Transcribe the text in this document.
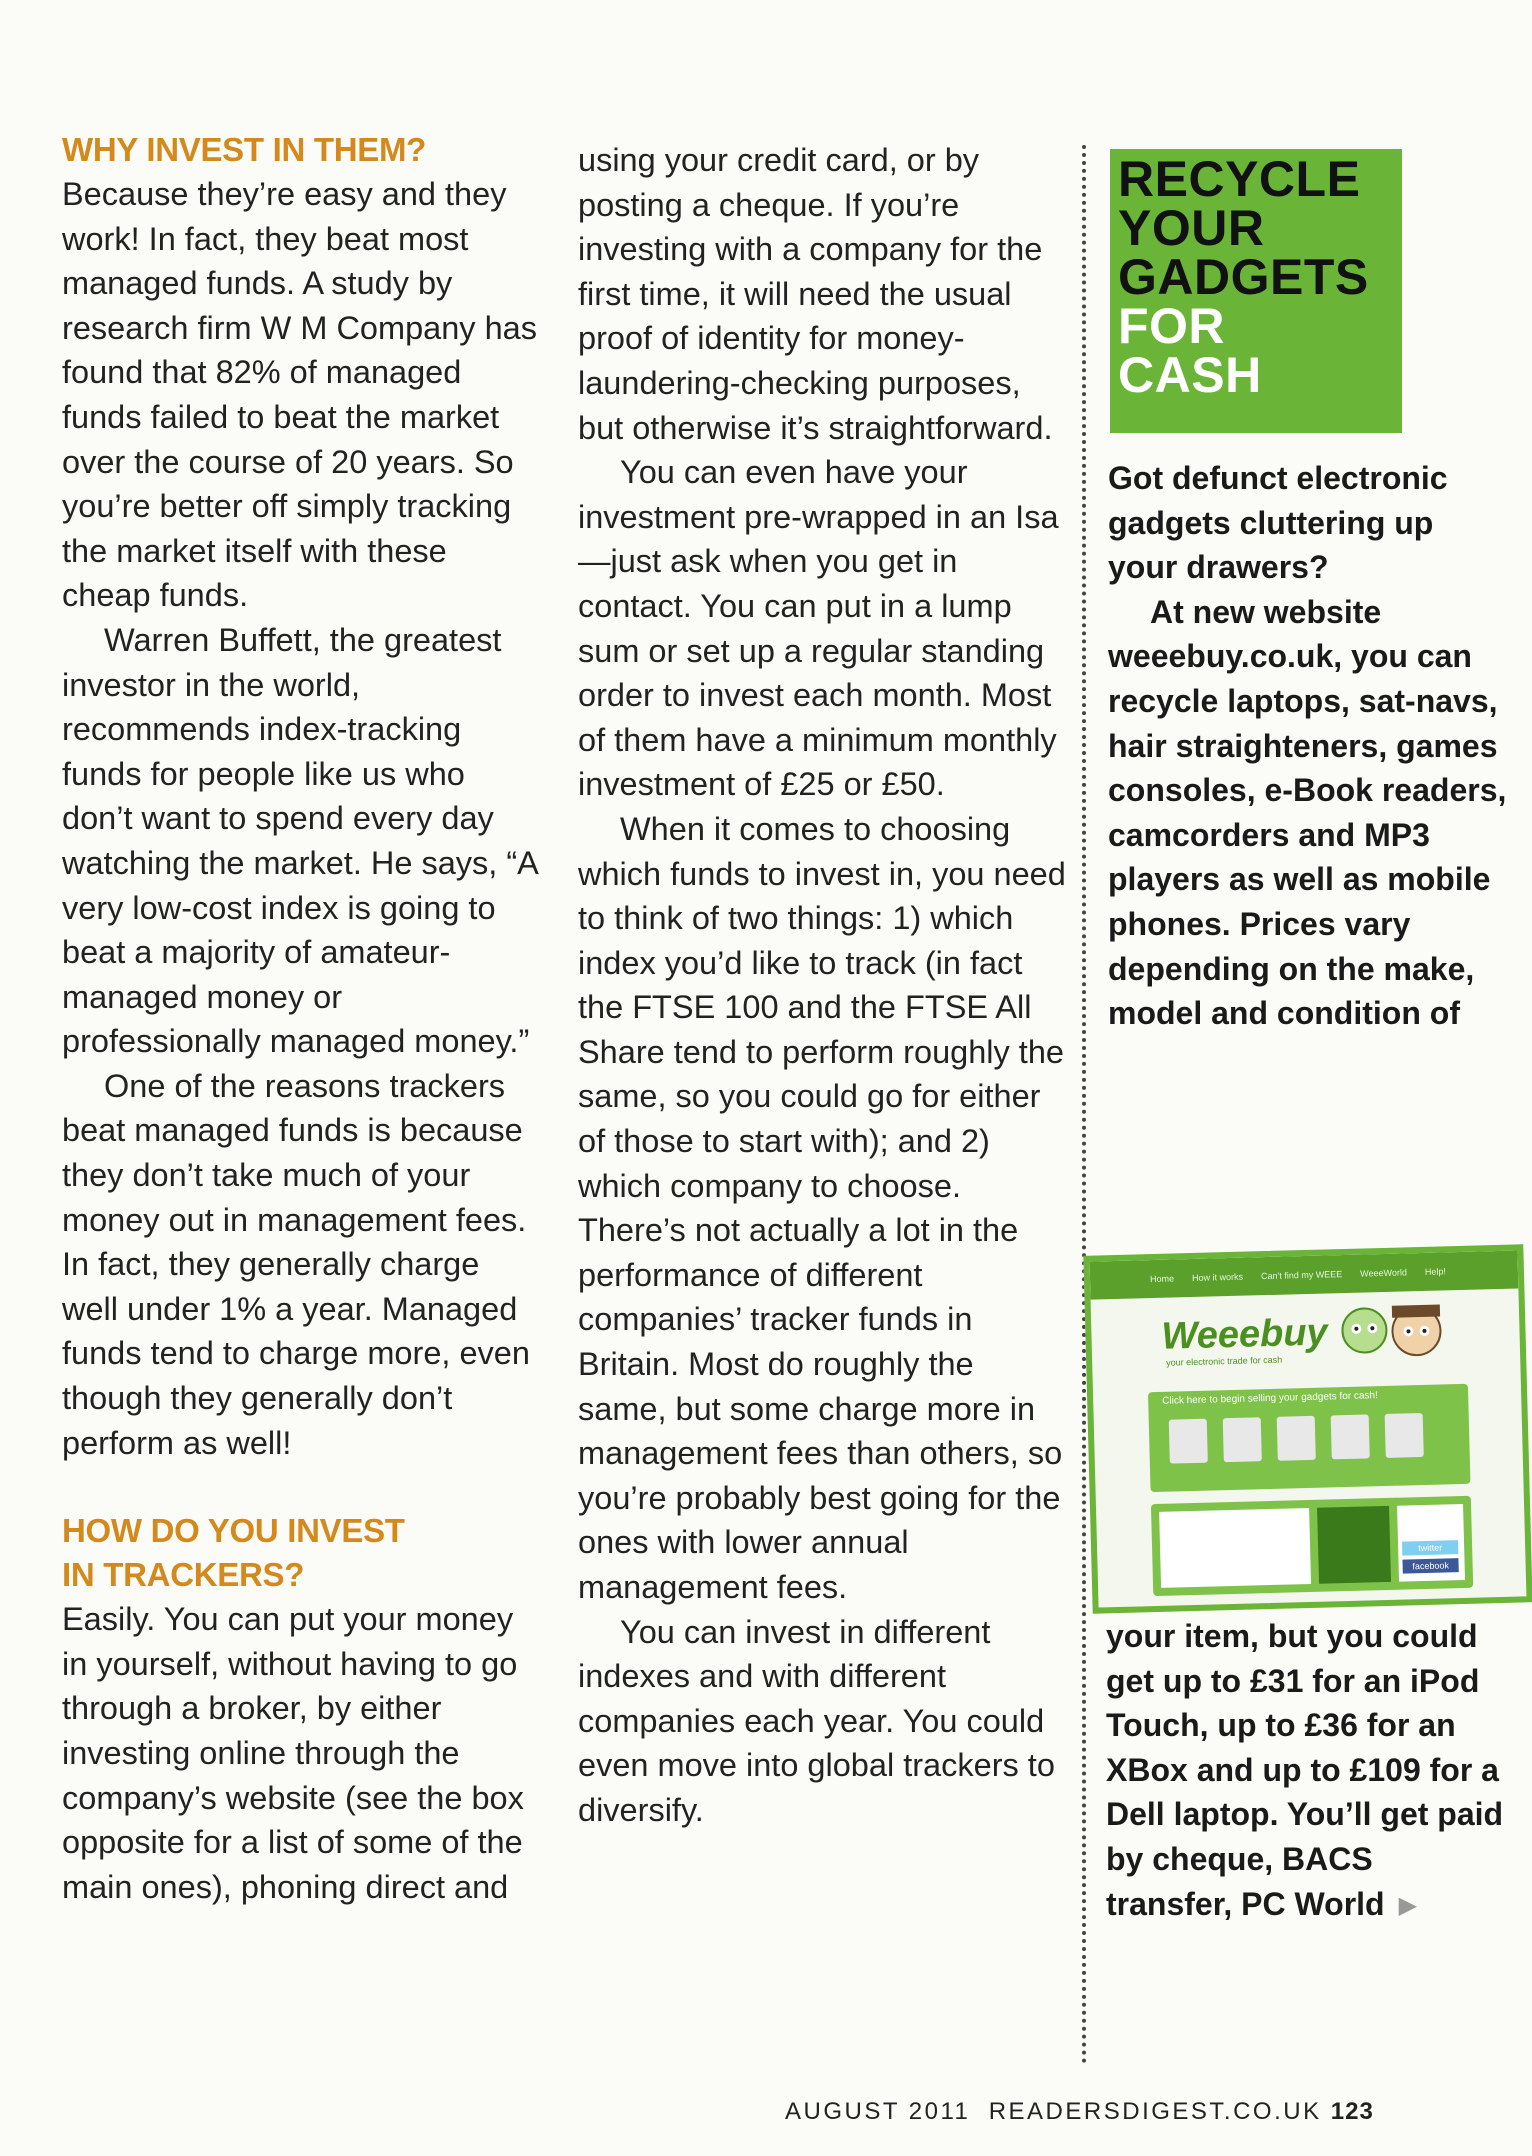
WHY INVEST IN THEM?

Because they’re easy and they work! In fact, they beat most managed funds. A study by research firm W M Company has found that 82% of managed funds failed to beat the market over the course of 20 years. So you’re better off simply tracking the market itself with these cheap funds.

Warren Buffett, the greatest investor in the world, recommends index-tracking funds for people like us who don’t want to spend every day watching the market. He says, “A very low-cost index is going to beat a majority of amateur-managed money or professionally managed money.”

One of the reasons trackers beat managed funds is because they don’t take much of your money out in management fees. In fact, they generally charge well under 1% a year. Managed funds tend to charge more, even though they generally don’t perform as well!

HOW DO YOU INVEST IN TRACKERS?

Easily. You can put your money in yourself, without having to go through a broker, by either investing online through the company’s website (see the box opposite for a list of some of the main ones), phoning direct and

using your credit card, or by posting a cheque. If you’re investing with a company for the first time, it will need the usual proof of identity for money-laundering-checking purposes, but otherwise it’s straightforward.

You can even have your investment pre-wrapped in an Isa—just ask when you get in contact. You can put in a lump sum or set up a regular standing order to invest each month. Most of them have a minimum monthly investment of £25 or £50.

When it comes to choosing which funds to invest in, you need to think of two things: 1) which index you’d like to track (in fact the FTSE 100 and the FTSE All Share tend to perform roughly the same, so you could go for either of those to start with); and 2) which company to choose. There’s not actually a lot in the performance of different companies’ tracker funds in Britain. Most do roughly the same, but some charge more in management fees than others, so you’re probably best going for the ones with lower annual management fees.

You can invest in different indexes and with different companies each year. You could even move into global trackers to diversify.

RECYCLE
YOUR
GADGETS
FOR
CASH

Got defunct electronic gadgets cluttering up your drawers?

At new website weeebuy.co.uk, you can recycle laptops, sat-navs, hair straighteners, games consoles, e-Book readers, camcorders and MP3 players as well as mobile phones. Prices vary depending on the make, model and condition of

Home How it works Can't find my WEEE WeeeWorld Help!
Weeebuy
your electronic trade for cash
Click here to begin selling your gadgets for cash!
twitter
facebook

your item, but you could get up to £31 for an iPod Touch, up to £36 for an XBox and up to £109 for a Dell laptop. You’ll get paid by cheque, BACS transfer, PC World ▶

AUGUST 2011 READERSDIGEST.CO.UK 123
